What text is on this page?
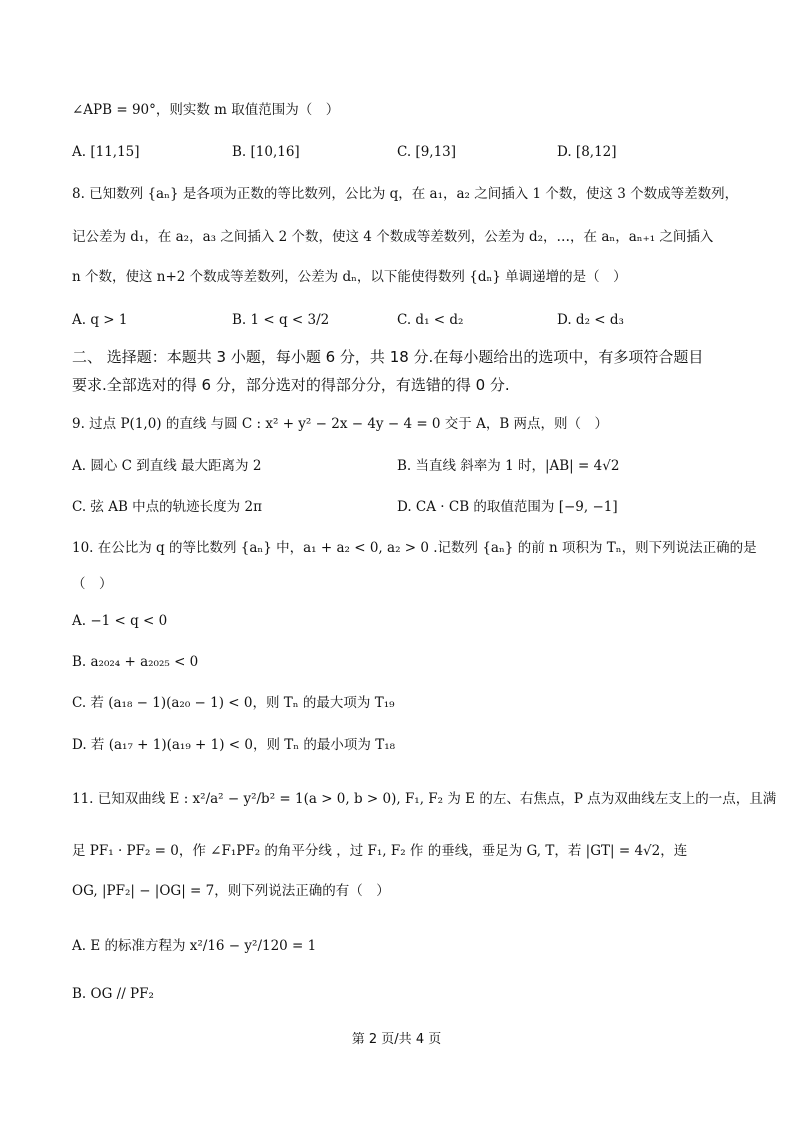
∠APB = 90°，则实数 m 取值范围为（　）
A. [11,15]	B. [10,16]	C. [9,13]	D. [8,12]
8. 已知数列 {aₙ} 是各项为正数的等比数列，公比为 q，在 a₁，a₂ 之间插入 1 个数，使这 3 个数成等差数列，
记公差为 d₁，在 a₂，a₃ 之间插入 2 个数，使这 4 个数成等差数列，公差为 d₂，…，在 aₙ，aₙ₊₁ 之间插入
n 个数，使这 n+2 个数成等差数列，公差为 dₙ，以下能使得数列 {dₙ} 单调递增的是（　）
A. q > 1	B. 1 < q < 3/2	C. d₁ < d₂	D. d₂ < d₃
二、 选择题：本题共 3 小题，每小题 6 分，共 18 分.在每小题给出的选项中，有多项符合题目
要求.全部选对的得 6 分，部分选对的得部分分，有选错的得 0 分.
9. 过点 P(1,0) 的直线 与圆 C : x² + y² − 2x − 4y − 4 = 0 交于 A，B 两点，则（　）
A. 圆心 C 到直线 最大距离为 2	B. 当直线 斜率为 1 时，|AB| = 4√2
C. 弦 AB 中点的轨迹长度为 2π	D. CA · CB 的取值范围为 [−9, −1]
10. 在公比为 q 的等比数列 {aₙ} 中，a₁ + a₂ < 0, a₂ > 0 .记数列 {aₙ} 的前 n 项积为 Tₙ，则下列说法正确的是
（　）
A. −1 < q < 0
B. a₂₀₂₄ + a₂₀₂₅ < 0
C. 若 (a₁₈ − 1)(a₂₀ − 1) < 0，则 Tₙ 的最大项为 T₁₉
D. 若 (a₁₇ + 1)(a₁₉ + 1) < 0，则 Tₙ 的最小项为 T₁₈
11. 已知双曲线 E : x²/a² − y²/b² = 1(a > 0, b > 0), F₁, F₂ 为 E 的左、右焦点，P 点为双曲线左支上的一点，且满
足 PF₁ · PF₂ = 0，作 ∠F₁PF₂ 的角平分线 ，过 F₁, F₂ 作 的垂线，垂足为 G, T，若 |GT| = 4√2，连
OG, |PF₂| − |OG| = 7，则下列说法正确的有（　）
A. E 的标准方程为 x²/16 − y²/120 = 1
B. OG // PF₂
第 2 页/共 4 页
